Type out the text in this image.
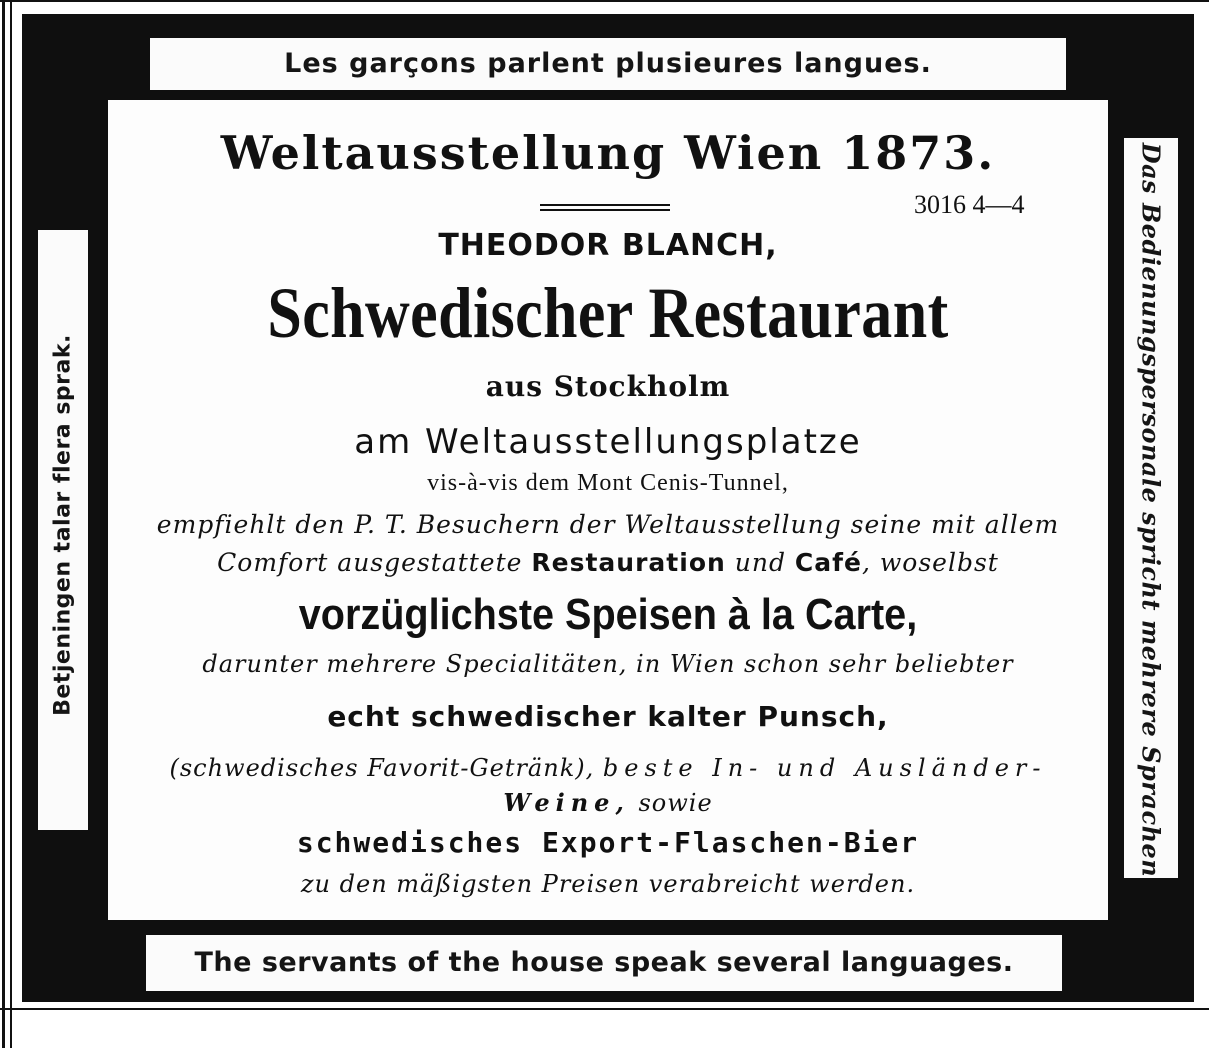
Les garçons parlent plusieures langues.
The servants of the house speak several languages.
Betjeningen talar flera sprak.	Das Bedienungspersonale spricht mehrere Sprachen
Weltausstellung Wien 1873.
3016 4—4
THEODOR BLANCH,
Schwedischer Restaurant
aus Stockholm
am Weltausstellungsplatze
vis-à-vis dem Mont Cenis-Tunnel,
empfiehlt den P. T. Besuchern der Weltausstellung seine mit allem
Comfort ausgestattete Restauration und Café, woselbst
vorzüglichste Speisen à la Carte,
darunter mehrere Specialitäten, in Wien schon sehr beliebter
echt schwedischer kalter Punsch,
(schwedisches Favorit-Getränk), beste In- und Ausländer-
Weine, sowie
schwedisches Export-Flaschen-Bier
zu den mäßigsten Preisen verabreicht werden.
